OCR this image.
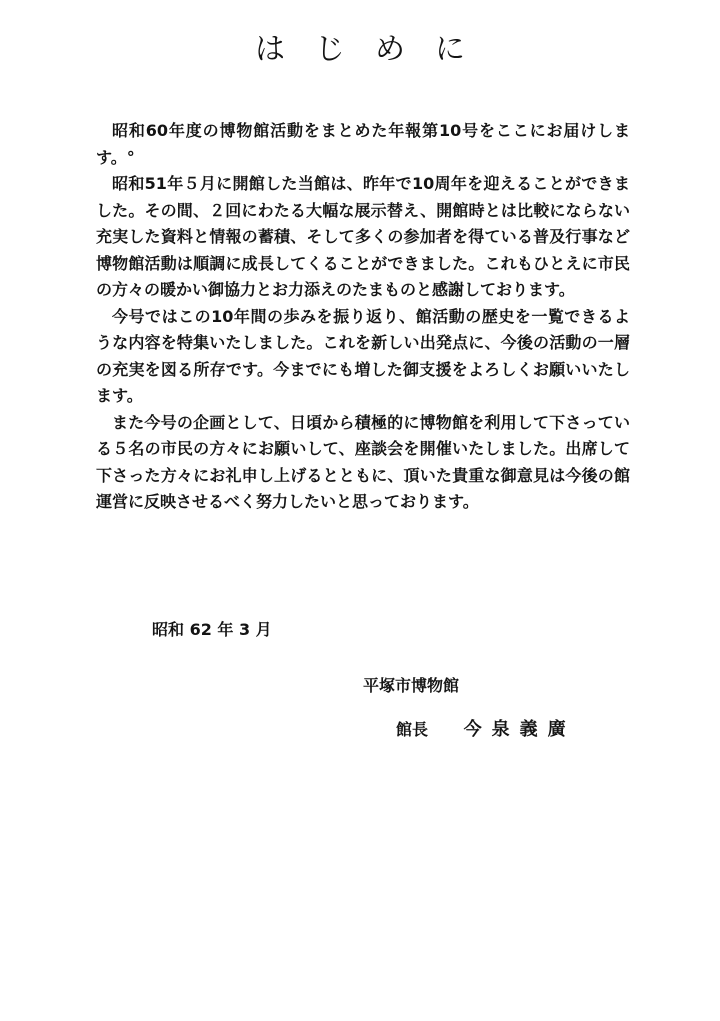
はじめに

昭和60年度の博物館活動をまとめた年報第10号をここにお届けします。°

昭和51年５月に開館した当館は、昨年で10周年を迎えることができました。その間、２回にわたる大幅な展示替え、開館時とは比較にならない充実した資料と情報の蓄積、そして多くの参加者を得ている普及行事など博物館活動は順調に成長してくることができました。これもひとえに市民の方々の暖かい御協力とお力添えのたまものと感謝しております。

今号ではこの10年間の歩みを振り返り、館活動の歴史を一覧できるような内容を特集いたしました。これを新しい出発点に、今後の活動の一層の充実を図る所存です。今までにも増した御支援をよろしくお願いいたします。

また今号の企画として、日頃から積極的に博物館を利用して下さっている５名の市民の方々にお願いして、座談会を開催いたしました。出席して下さった方々にお礼申し上げるとともに、頂いた貴重な御意見は今後の館運営に反映させるべく努力したいと思っております。

昭和 62 年 3 月
平塚市博物館
館長 今泉義廣
